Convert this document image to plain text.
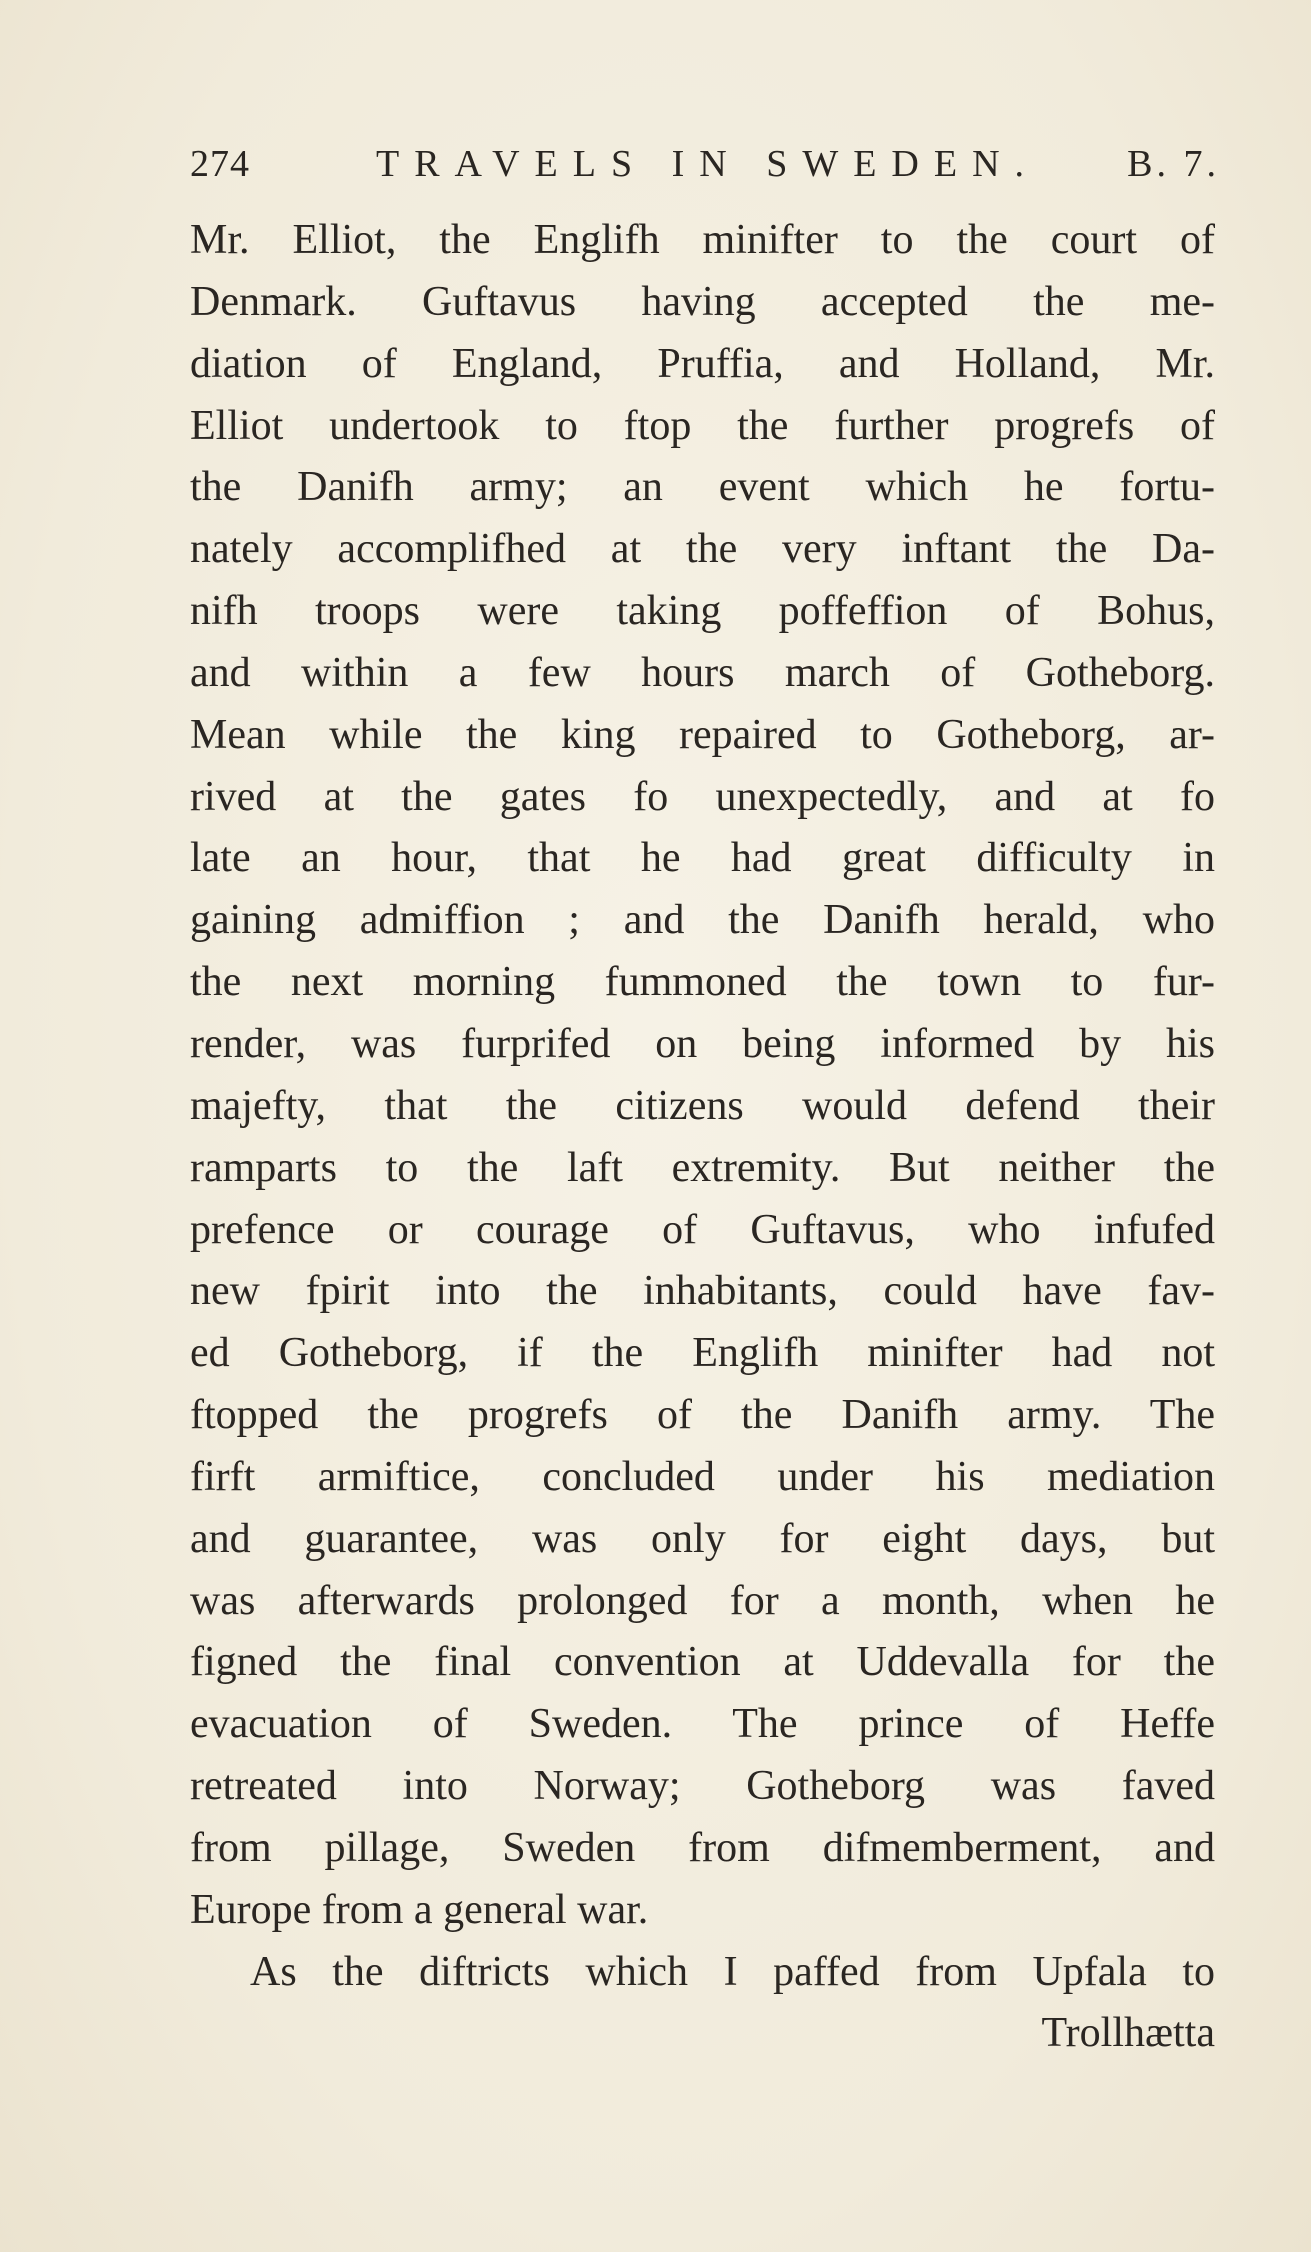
274	TRAVELS IN SWEDEN. B. 7.
Mr. Elliot, the Englifh minifter to the court of
Denmark. Guftavus having accepted the me-
diation of England, Pruffia, and Holland, Mr.
Elliot undertook to ftop the further progrefs of
the Danifh army; an event which he fortu-
nately accomplifhed at the very inftant the Da-
nifh troops were taking poffeffion of Bohus,
and within a few hours march of Gotheborg.
Mean while the king repaired to Gotheborg, ar-
rived at the gates fo unexpectedly, and at fo
late an hour, that he had great difficulty in
gaining admiffion ; and the Danifh herald, who
the next morning fummoned the town to fur-
render, was furprifed on being informed by his
majefty, that the citizens would defend their
ramparts to the laft extremity. But neither the
prefence or courage of Guftavus, who infufed
new fpirit into the inhabitants, could have fav-
ed Gotheborg, if the Englifh minifter had not
ftopped the progrefs of the Danifh army. The
firft armiftice, concluded under his mediation
and guarantee, was only for eight days, but
was afterwards prolonged for a month, when he
figned the final convention at Uddevalla for the
evacuation of Sweden. The prince of Heffe
retreated into Norway; Gotheborg was faved
from pillage, Sweden from difmemberment, and
Europe from a general war.
As the diftricts which I paffed from Upfala to
Trollhætta
